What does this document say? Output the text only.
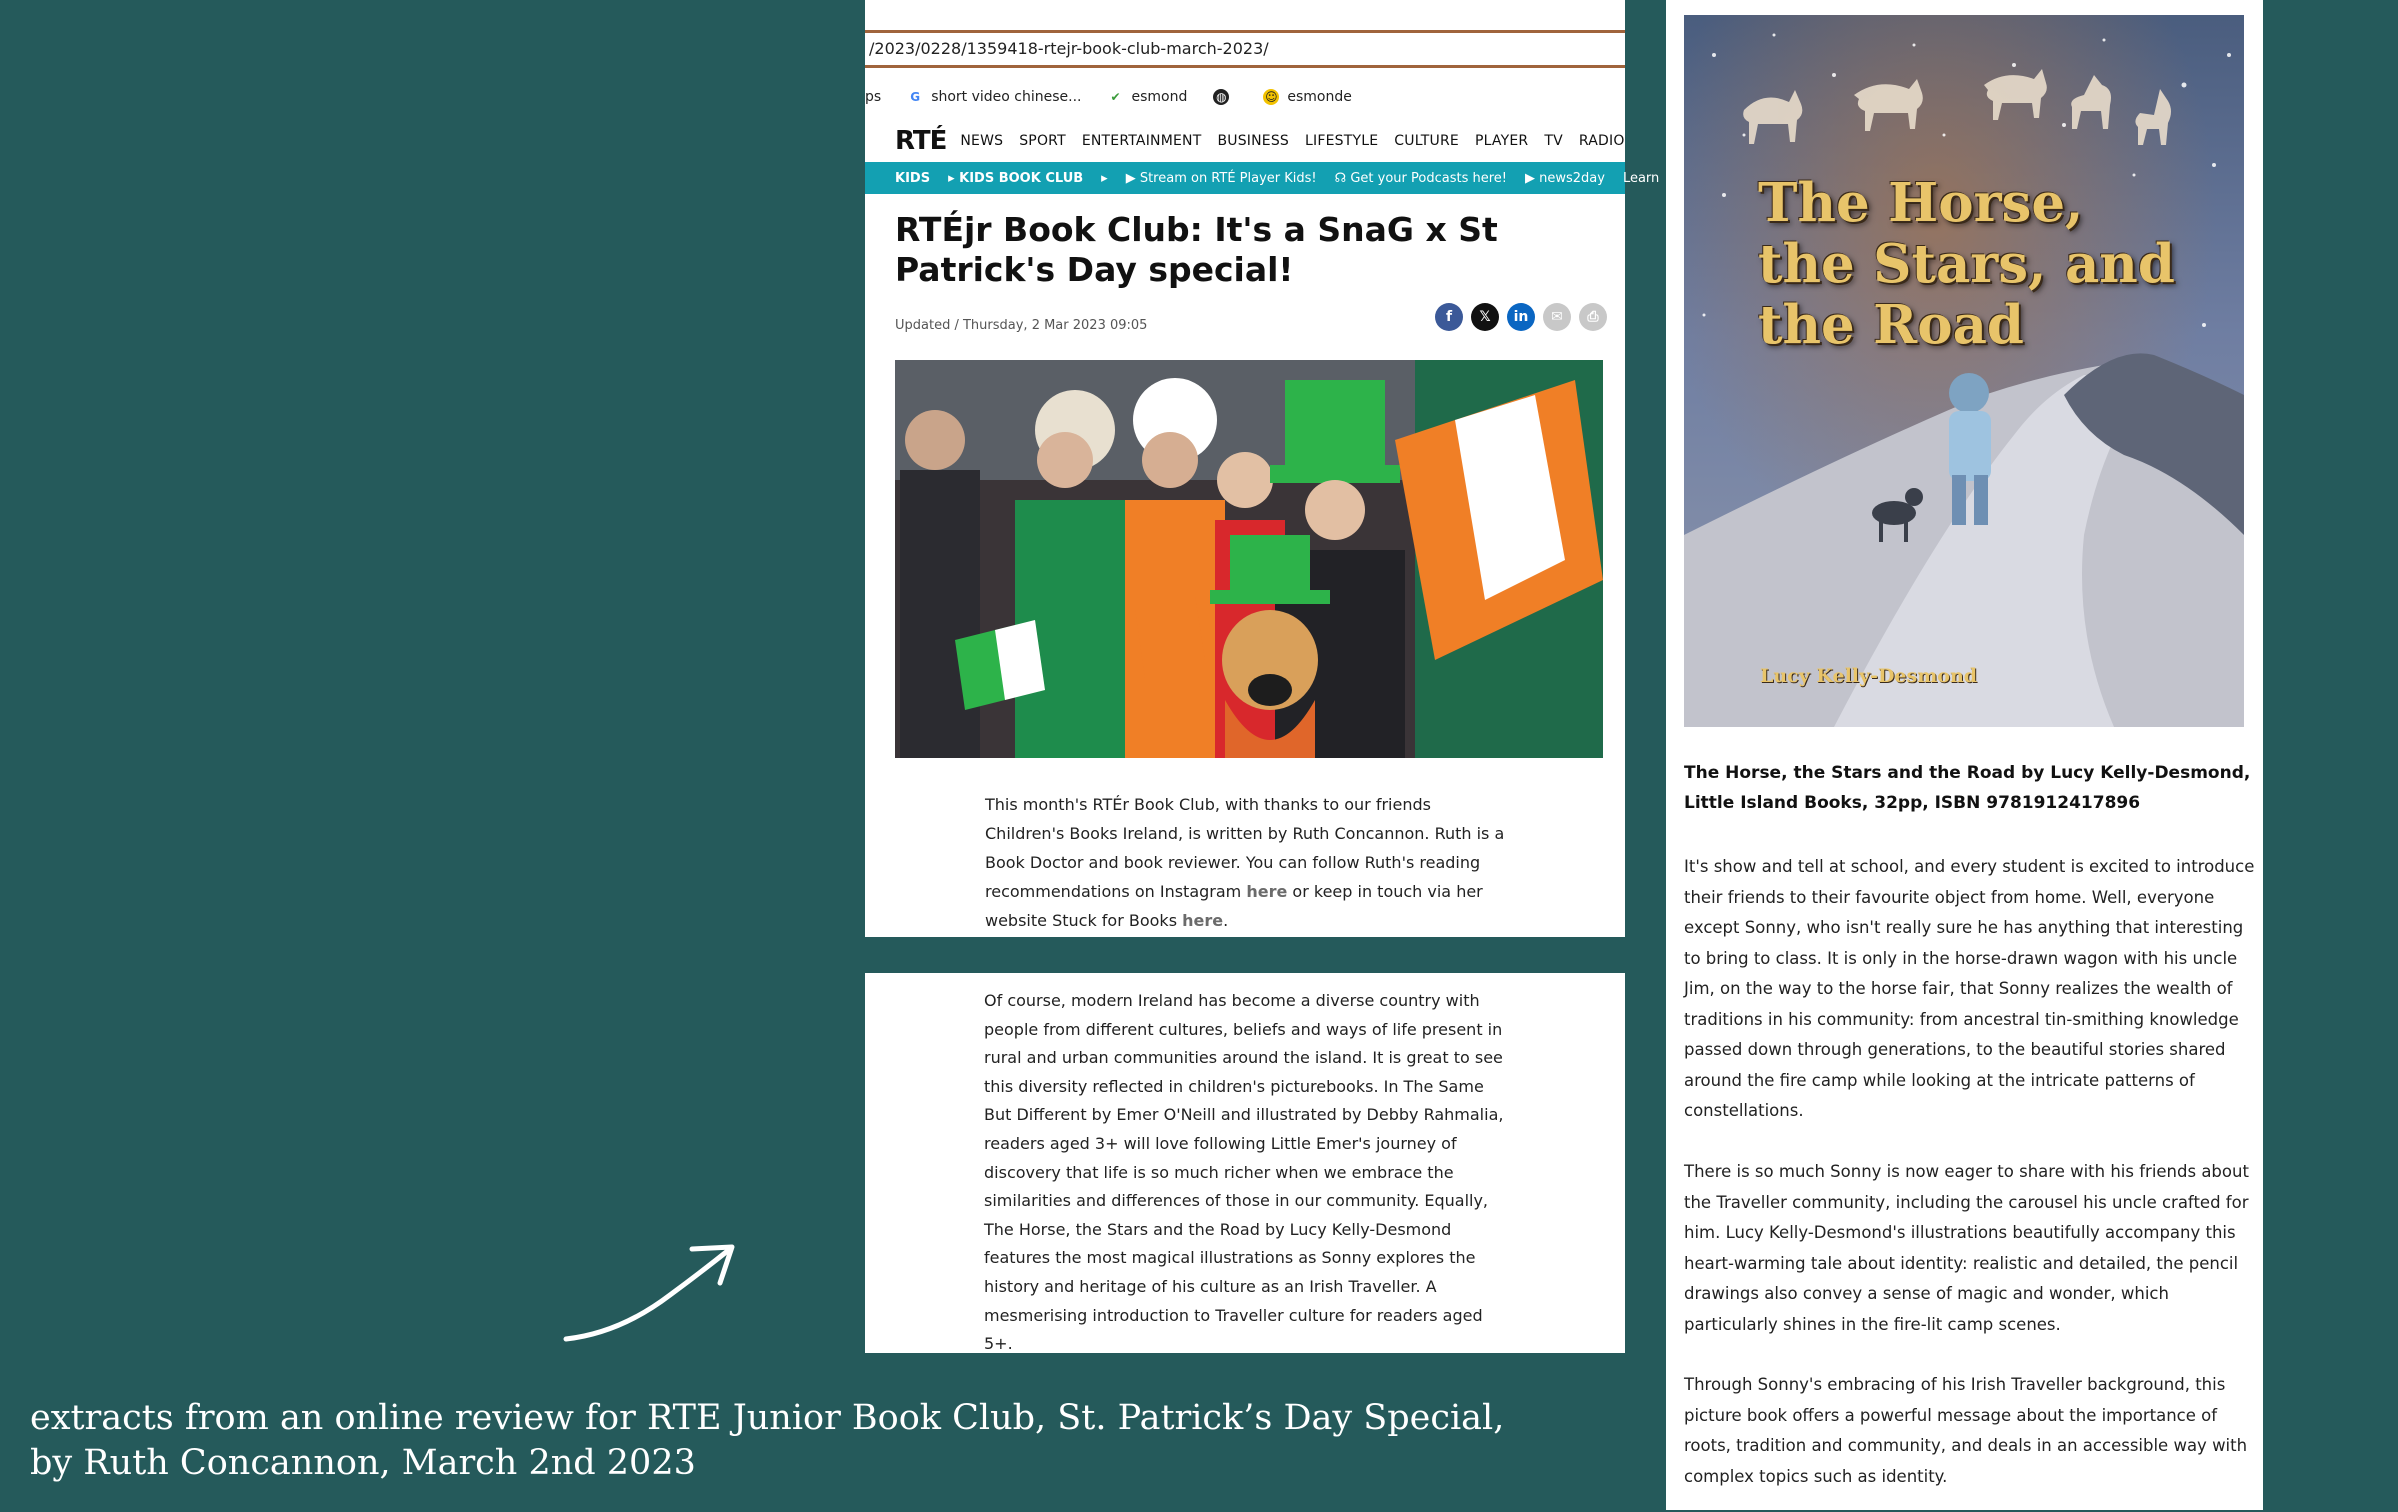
/2023/0228/1359418-rtejr-book-club-march-2023/
ps G short video chinese... ✔ esmond ◍	☺ esmonde
RTÉ NEWS SPORT ENTERTAINMENT BUSINESS LIFESTYLE CULTURE PLAYER TV RADIO
KIDS ▸ KIDS BOOK CLUB ▸ ▶ Stream on RTÉ Player Kids! ☊ Get your Podcasts here! ▶ news2day Learn
RTÉjr Book Club: It's a SnaG x St Patrick's Day special!
Updated / Thursday, 2 Mar 2023 09:05
f	𝕏	in	✉	⎙

This month's RTÉr Book Club, with thanks to our friends Children's Books Ireland, is written by Ruth Concannon. Ruth is a Book Doctor and book reviewer. You can follow Ruth's reading recommendations on Instagram here or keep in touch via her website Stuck for Books here.

Of course, modern Ireland has become a diverse country with people from different cultures, beliefs and ways of life present in rural and urban communities around the island. It is great to see this diversity reflected in children's picturebooks. In The Same But Different by Emer O'Neill and illustrated by Debby Rahmalia, readers aged 3+ will love following Little Emer's journey of discovery that life is so much richer when we embrace the similarities and differences of those in our community. Equally, The Horse, the Stars and the Road by Lucy Kelly-Desmond features the most magical illustrations as Sonny explores the history and heritage of his culture as an Irish Traveller. A mesmerising introduction to Traveller culture for readers aged 5+.

The Horse, the Stars, and the Road
Lucy Kelly-Desmond

The Horse, the Stars and the Road by Lucy Kelly-Desmond, Little Island Books, 32pp, ISBN 9781912417896

It's show and tell at school, and every student is excited to introduce their friends to their favourite object from home. Well, everyone except Sonny, who isn't really sure he has anything that interesting to bring to class. It is only in the horse-drawn wagon with his uncle Jim, on the way to the horse fair, that Sonny realizes the wealth of traditions in his community: from ancestral tin-smithing knowledge passed down through generations, to the beautiful stories shared around the fire camp while looking at the intricate patterns of constellations.

There is so much Sonny is now eager to share with his friends about the Traveller community, including the carousel his uncle crafted for him. Lucy Kelly-Desmond's illustrations beautifully accompany this heart-warming tale about identity: realistic and detailed, the pencil drawings also convey a sense of magic and wonder, which particularly shines in the fire-lit camp scenes.

Through Sonny's embracing of his Irish Traveller background, this picture book offers a powerful message about the importance of roots, tradition and community, and deals in an accessible way with complex topics such as identity.

extracts from an online review for RTE Junior Book Club, St. Patrick’s Day Special,
by Ruth Concannon, March 2nd 2023
